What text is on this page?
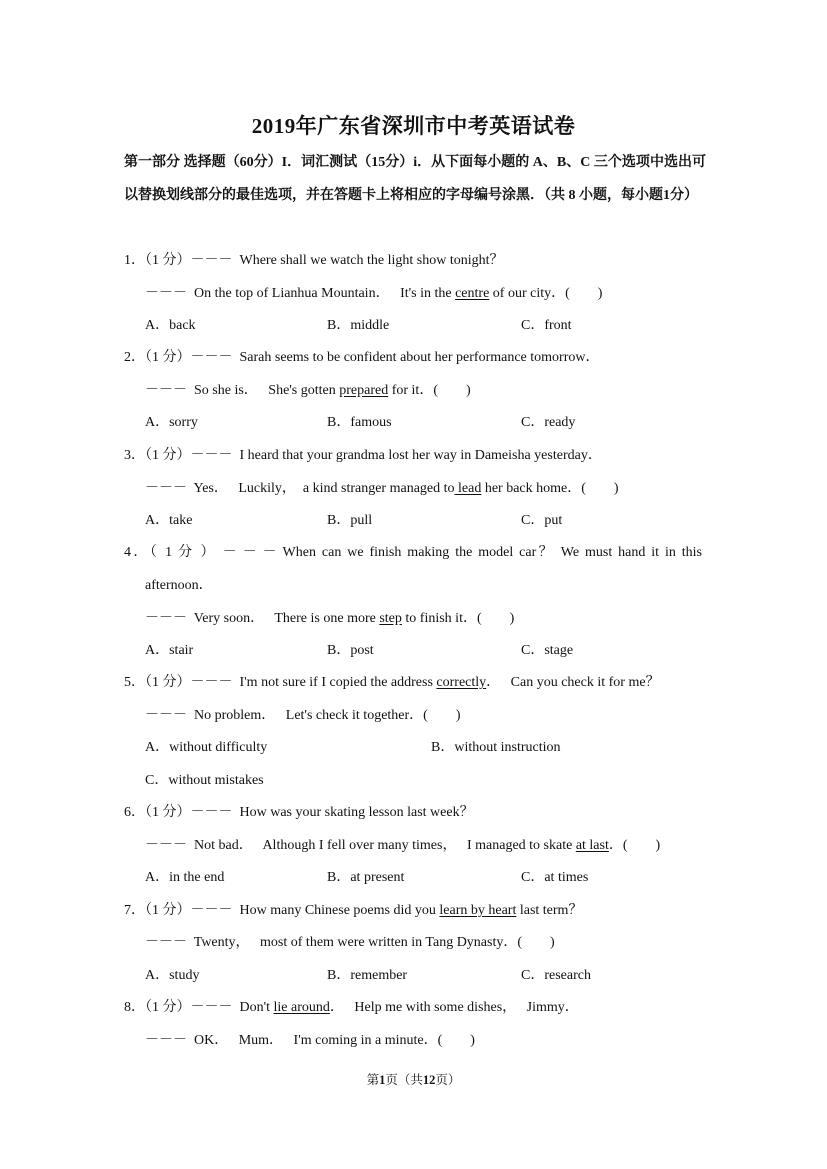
2019年广东省深圳市中考英语试卷
第一部分 选择题（60分）I．词汇测试（15分）i．从下面每小题的 A、B、C 三个选项中选出可以替换划线部分的最佳选项，并在答题卡上将相应的字母编号涂黑．（共 8 小题，每小题1分）
1．（1 分）－－－ Where shall we watch the light show tonight？
－－－  On the top of Lianhua Mountain．   It's in the centre of our city．(        )
A．back	B．middle	C．front
2．（1 分）－－－ Sarah seems to be confident about her performance tomorrow．
－－－  So she is．   She's gotten prepared for it．(        )
A．sorry	B．famous	C．ready
3．（1 分）－－－ I heard that your grandma lost her way in Dameisha yesterday．
－－－  Yes．   Luckily，  a kind stranger managed to lead her back home．(        )
A．take	B．pull	C．put
4．（ 1 分 ） － － － When can we finish making the model car？ We must hand it in this
afternoon．
－－－  Very soon．   There is one more step to finish it．(        )
A．stair	B．post	C．stage
5．（1 分）－－－  I'm not sure if I copied the address correctly．   Can you check it for me？
－－－  No problem．   Let's check it together．(        )
A．without difficulty	B．without instruction
C．without mistakes
6．（1 分）－－－  How was your skating lesson last week？
－－－  Not bad．   Although I fell over many times，   I managed to skate at last．(        )
A．in the end	B．at present	C．at times
7．（1 分）－－－  How many Chinese poems did you learn by heart last term？
－－－  Twenty，   most of them were written in Tang Dynasty．(        )
A．study	B．remember	C．research
8．（1 分）－－－  Don't lie around．   Help me with some dishes，   Jimmy．
－－－  OK．   Mum．   I'm coming in a minute．(        )
第1页（共12页）
